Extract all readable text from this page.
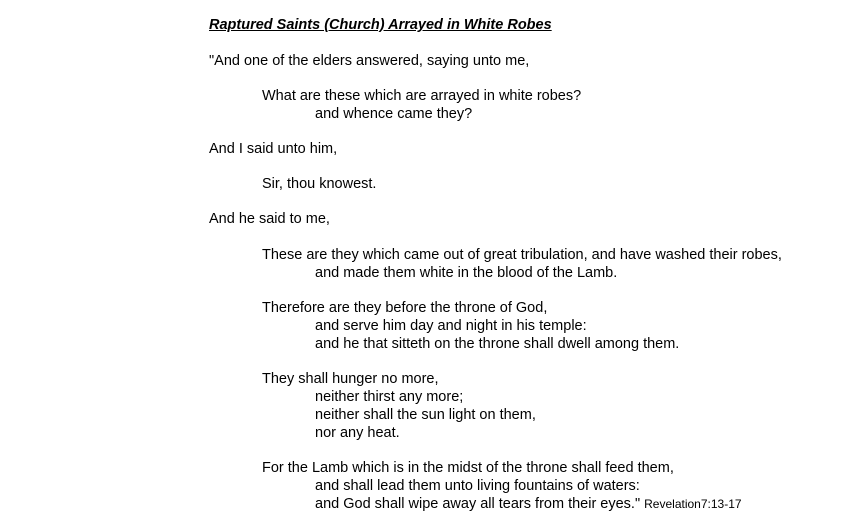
Raptured Saints (Church) Arrayed in White Robes
"And one of the elders answered, saying unto me,
What are these which are arrayed in white robes?
and whence came they?
And I said unto him,
Sir, thou knowest.
And he said to me,
These are they which came out of great tribulation, and have washed their robes,
and made them white in the blood of the Lamb.
Therefore are they before the throne of God,
and serve him day and night in his temple:
and he that sitteth on the throne shall dwell among them.
They shall hunger no more,
neither thirst any more;
neither shall the sun light on them,
nor any heat.
For the Lamb which is in the midst of the throne shall feed them,
and shall lead them unto living fountains of waters:
and God shall wipe away all tears from their eyes." Revelation7:13-17
